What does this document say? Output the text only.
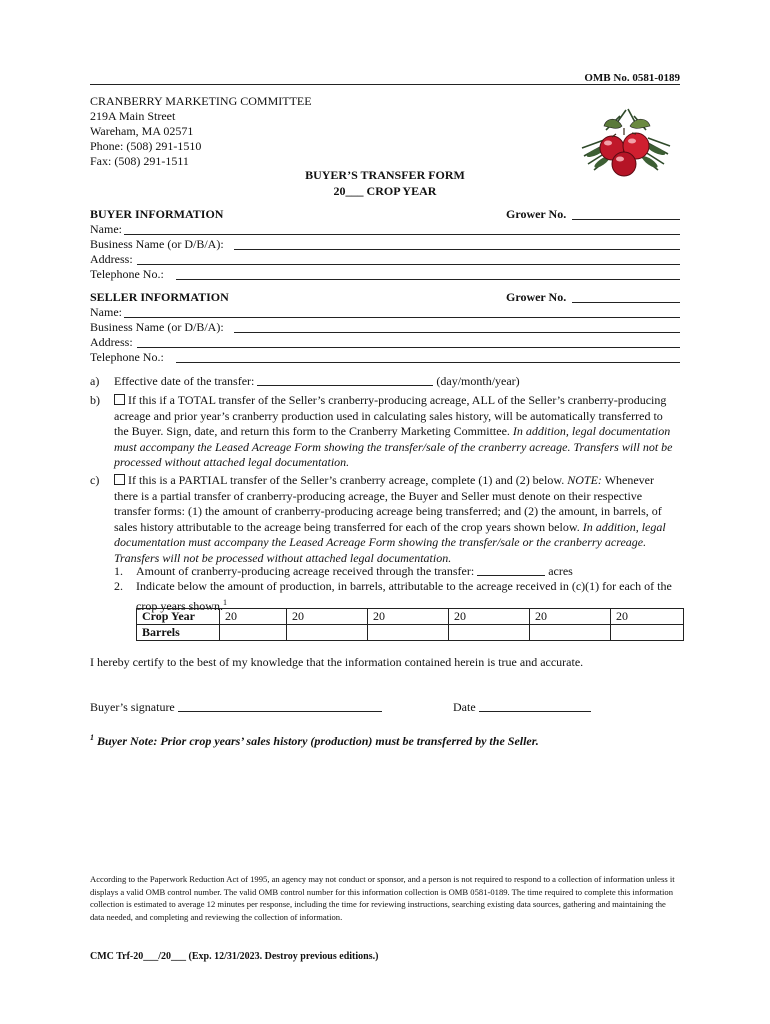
OMB No. 0581-0189
CRANBERRY MARKETING COMMITTEE
219A Main Street
Wareham, MA 02571
Phone: (508) 291-1510
Fax: (508) 291-1511
BUYER’S TRANSFER FORM
20___ CROP YEAR
BUYER INFORMATION	Grower No.
Name:
Business Name (or D/B/A):
Address:
Telephone No.:
SELLER INFORMATION	Grower No.
Name:
Business Name (or D/B/A):
Address:
Telephone No.:
a) Effective date of the transfer:	(day/month/year)
b)	If this if a TOTAL transfer of the Seller’s cranberry-producing acreage, ALL of the Seller’s cranberry-producing acreage and prior year’s cranberry production used in calculating sales history, will be automatically transferred to the Buyer. Sign, date, and return this form to the Cranberry Marketing Committee. In addition, legal documentation must accompany the Leased Acreage Form showing the transfer/sale of the cranberry acreage. Transfers will not be processed without attached legal documentation.
c)	If this is a PARTIAL transfer of the Seller’s cranberry acreage, complete (1) and (2) below. NOTE: Whenever there is a partial transfer of cranberry-producing acreage, the Buyer and Seller must denote on their respective transfer forms: (1) the amount of cranberry-producing acreage being transferred; and (2) the amount, in barrels, of sales history attributable to the acreage being transferred for each of the crop years shown below. In addition, legal documentation must accompany the Leased Acreage Form showing the transfer/sale or the cranberry acreage. Transfers will not be processed without attached legal documentation.
1. Amount of cranberry-producing acreage received through the transfer:	acres
2. Indicate below the amount of production, in barrels, attributable to the acreage received in (c)(1) for each of the crop years shown.$^1$
Crop Year	20	20	20	20	20	20
Barrels						
I hereby certify to the best of my knowledge that the information contained herein is true and accurate.
Buyer’s signature	Date
$^1$ Buyer Note: Prior crop years’ sales history (production) must be transferred by the Seller.
According to the Paperwork Reduction Act of 1995, an agency may not conduct or sponsor, and a person is not required to respond to a collection of information unless it displays a valid OMB control number. The valid OMB control number for this information collection is OMB 0581-0189. The time required to complete this information collection is estimated to average 12 minutes per response, including the time for reviewing instructions, searching existing data sources, gathering and maintaining the data needed, and completing and reviewing the collection of information.
CMC Trf-20___/20___ (Exp. 12/31/2023. Destroy previous editions.)
